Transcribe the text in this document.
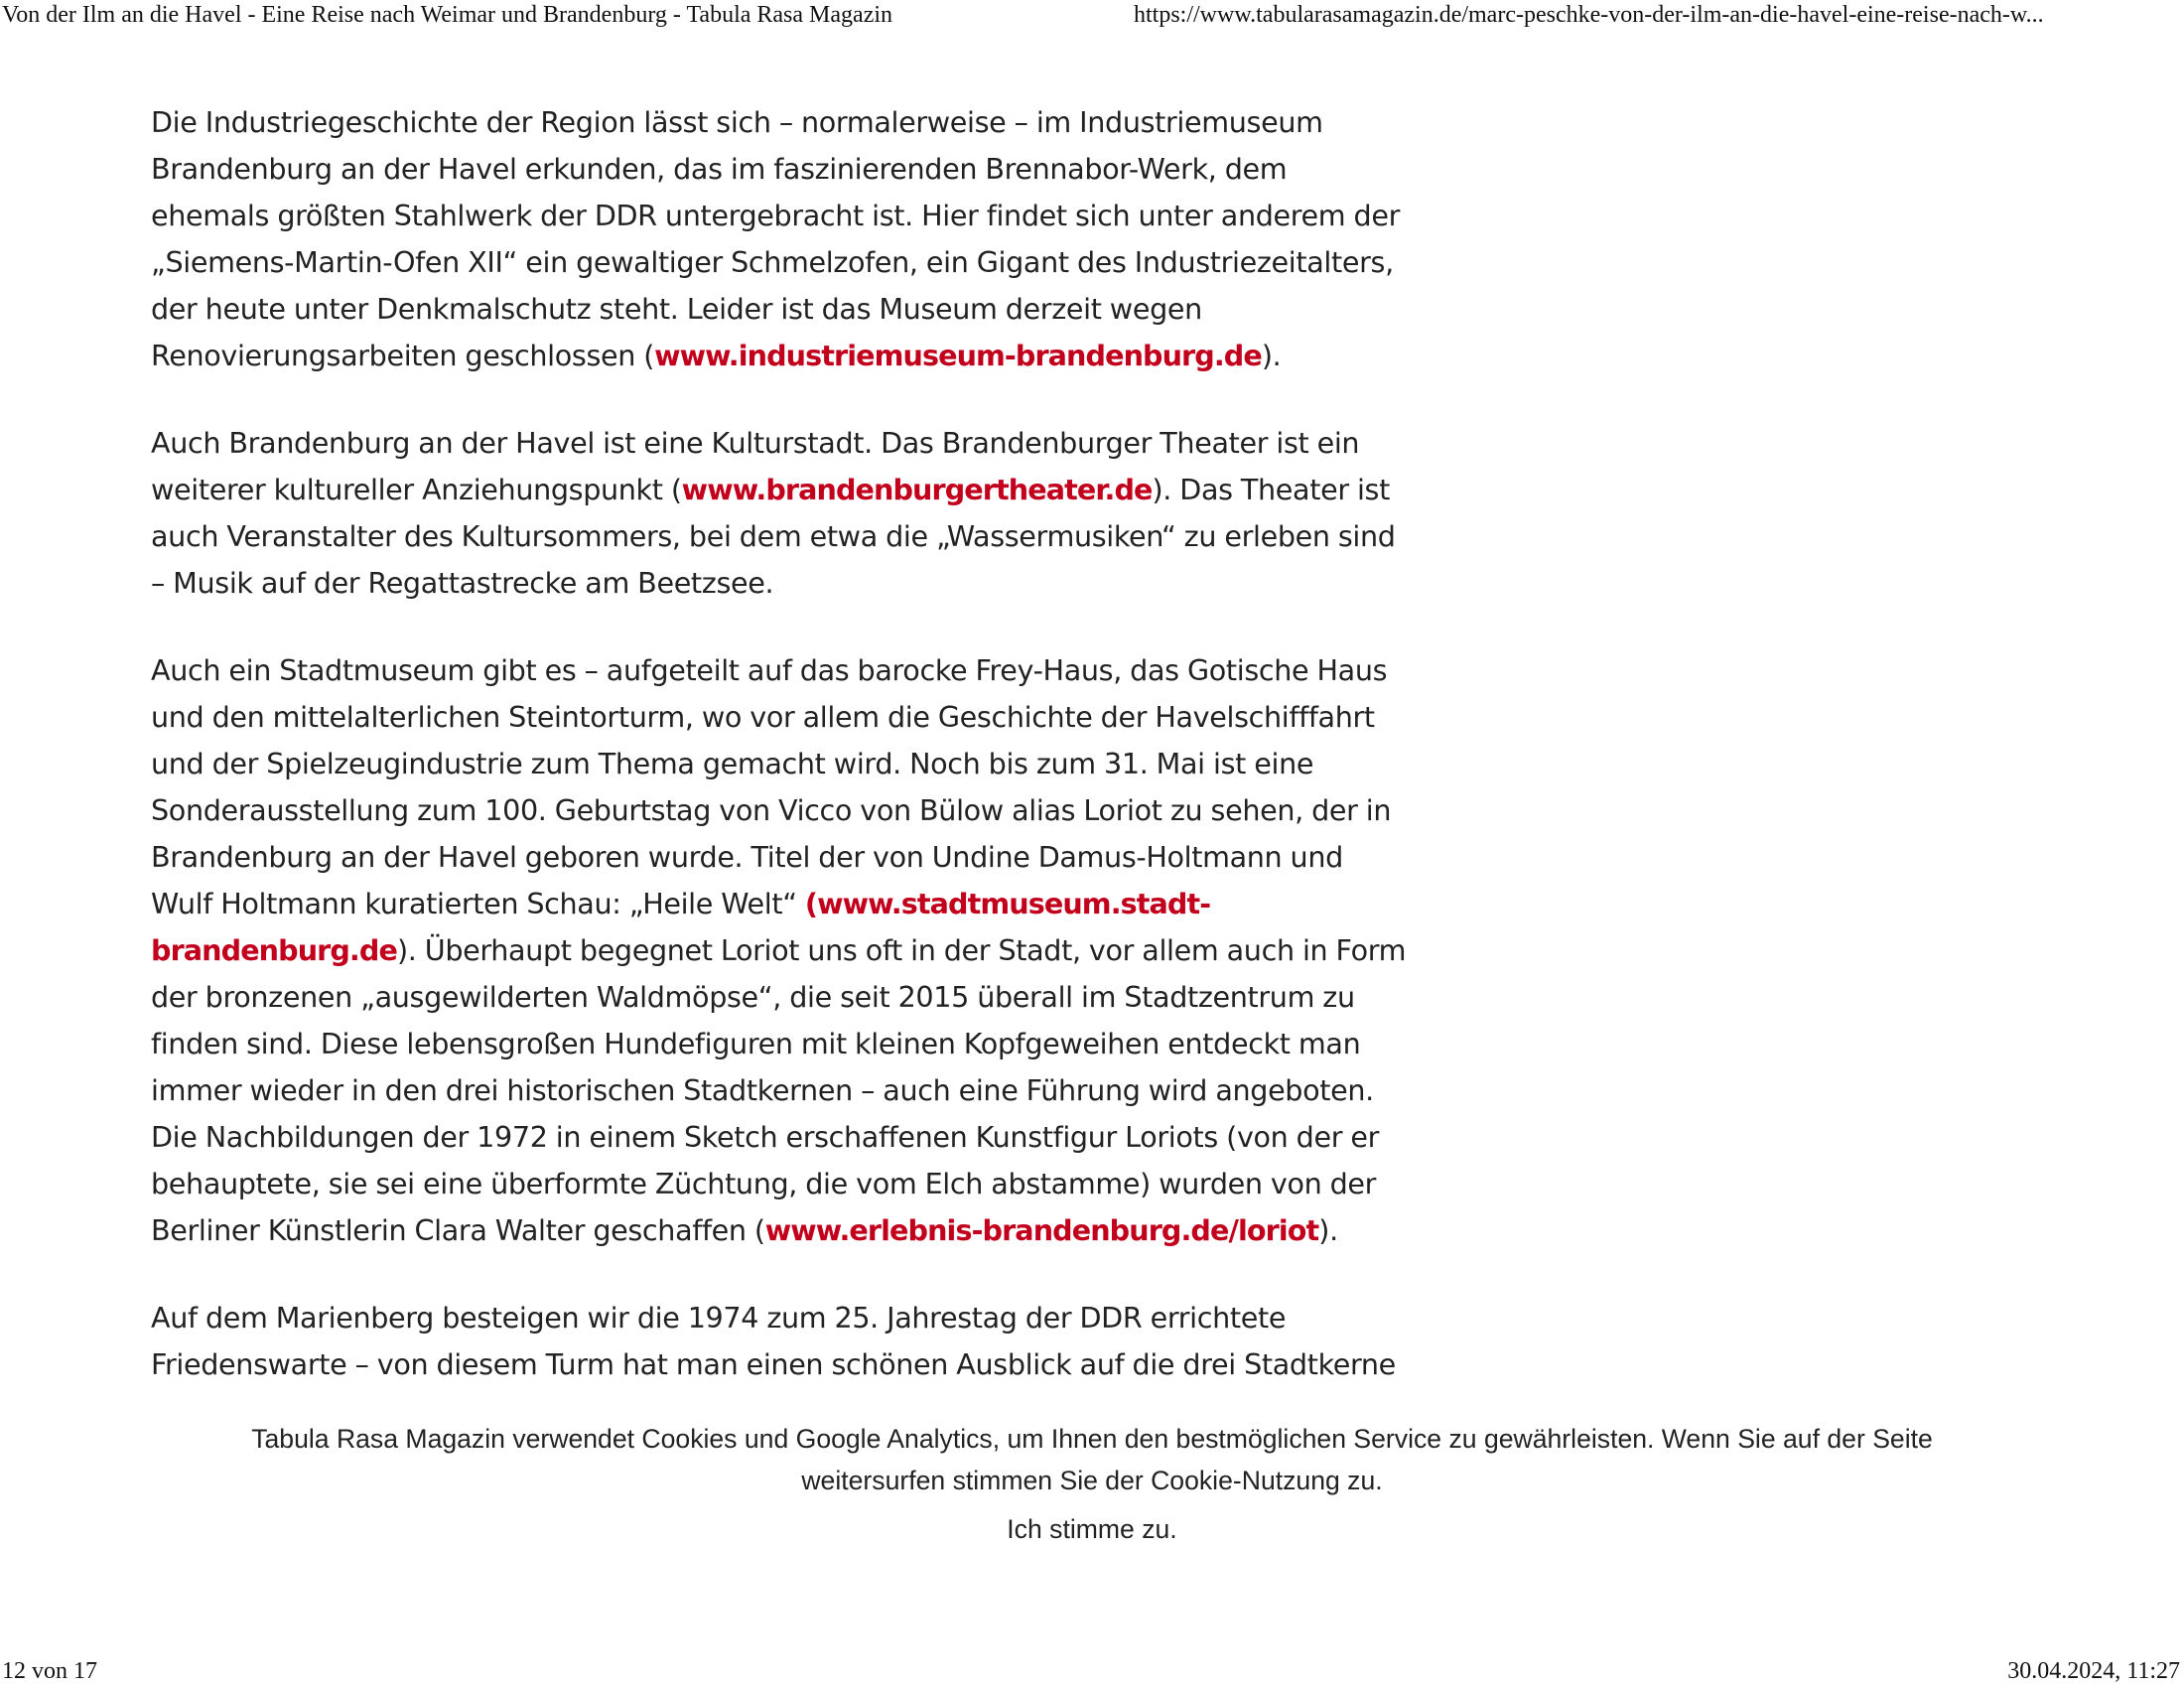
Von der Ilm an die Havel - Eine Reise nach Weimar und Brandenburg - Tabula Rasa Magazin	https://www.tabularasamagazin.de/marc-peschke-von-der-ilm-an-die-havel-eine-reise-nach-w...

Die Industriegeschichte der Region lässt sich – normalerweise – im Industriemuseum Brandenburg an der Havel erkunden, das im faszinierenden Brennabor-Werk, dem ehemals größten Stahlwerk der DDR untergebracht ist. Hier findet sich unter anderem der „Siemens-Martin-Ofen XII“ ein gewaltiger Schmelzofen, ein Gigant des Industriezeitalters, der heute unter Denkmalschutz steht. Leider ist das Museum derzeit wegen Renovierungsarbeiten geschlossen (www.industriemuseum-brandenburg.de).

Auch Brandenburg an der Havel ist eine Kulturstadt. Das Brandenburger Theater ist ein weiterer kultureller Anziehungspunkt (www.brandenburgertheater.de). Das Theater ist auch Veranstalter des Kultursommers, bei dem etwa die „Wassermusiken“ zu erleben sind – Musik auf der Regattastrecke am Beetzsee.

Auch ein Stadtmuseum gibt es – aufgeteilt auf das barocke Frey-Haus, das Gotische Haus und den mittelalterlichen Steintorturm, wo vor allem die Geschichte der Havelschifffahrt und der Spielzeugindustrie zum Thema gemacht wird. Noch bis zum 31. Mai ist eine Sonderausstellung zum 100. Geburtstag von Vicco von Bülow alias Loriot zu sehen, der in Brandenburg an der Havel geboren wurde. Titel der von Undine Damus-Holtmann und Wulf Holtmann kuratierten Schau: „Heile Welt“ (www.stadtmuseum.stadt-brandenburg.de). Überhaupt begegnet Loriot uns oft in der Stadt, vor allem auch in Form der bronzenen „ausgewilderten Waldmöpse“, die seit 2015 überall im Stadtzentrum zu finden sind. Diese lebensgroßen Hundefiguren mit kleinen Kopfgeweihen entdeckt man immer wieder in den drei historischen Stadtkernen – auch eine Führung wird angeboten. Die Nachbildungen der 1972 in einem Sketch erschaffenen Kunstfigur Loriots (von der er behauptete, sie sei eine überformte Züchtung, die vom Elch abstamme) wurden von der Berliner Künstlerin Clara Walter geschaffen (www.erlebnis-brandenburg.de/loriot).

Auf dem Marienberg besteigen wir die 1974 zum 25. Jahrestag der DDR errichtete Friedenswarte – von diesem Turm hat man einen schönen Ausblick auf die drei Stadtkerne

Tabula Rasa Magazin verwendet Cookies und Google Analytics, um Ihnen den bestmöglichen Service zu gewährleisten. Wenn Sie auf der Seite weitersurfen stimmen Sie der Cookie-Nutzung zu.
Ich stimme zu.
12 von 17	30.04.2024, 11:27
